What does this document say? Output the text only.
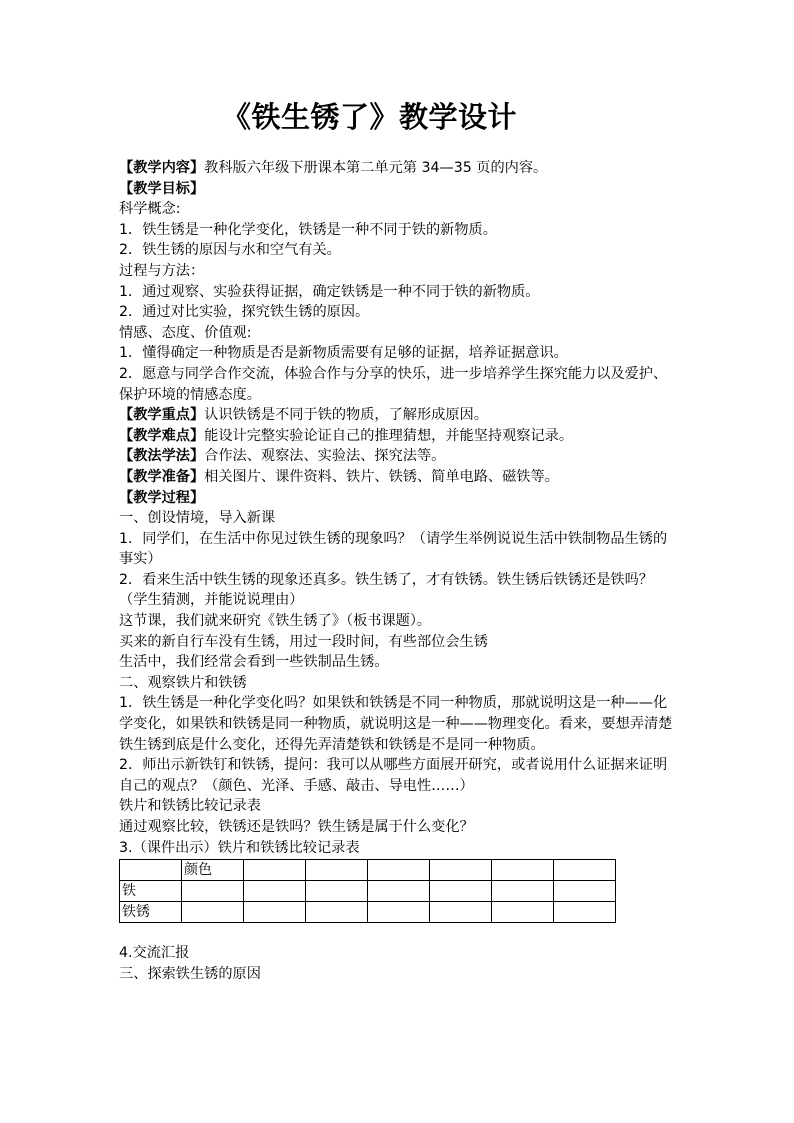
《铁生锈了》教学设计

【教学内容】教科版六年级下册课本第二单元第 34—35 页的内容。

【教学目标】

科学概念:

1．铁生锈是一种化学变化，铁锈是一种不同于铁的新物质。

2．铁生锈的原因与水和空气有关。

过程与方法：

1．通过观察、实验获得证据，确定铁锈是一种不同于铁的新物质。

2．通过对比实验，探究铁生锈的原因。

情感、态度、价值观:

1．懂得确定一种物质是否是新物质需要有足够的证据，培养证据意识。

2．愿意与同学合作交流，体验合作与分享的快乐，进一步培养学生探究能力以及爱护、保护环境的情感态度。

【教学重点】认识铁锈是不同于铁的物质，了解形成原因。

【教学难点】能设计完整实验论证自己的推理猜想，并能坚持观察记录。

【教法学法】合作法、观察法、实验法、探究法等。

【教学准备】相关图片、课件资料、铁片、铁锈、简单电路、磁铁等。

【教学过程】

一、创设情境，导入新课

1．同学们，在生活中你见过铁生锈的现象吗？（请学生举例说说生活中铁制物品生锈的事实）

2．看来生活中铁生锈的现象还真多。铁生锈了，才有铁锈。铁生锈后铁锈还是铁吗？（学生猜测，并能说说理由）

这节课，我们就来研究《铁生锈了》（板书课题）。

买来的新自行车没有生锈，用过一段时间，有些部位会生锈

生活中，我们经常会看到一些铁制品生锈。

二、观察铁片和铁锈

1．铁生锈是一种化学变化吗？如果铁和铁锈是不同一种物质，那就说明这是一种——化学变化，如果铁和铁锈是同一种物质，就说明这是一种——物理变化。看来，要想弄清楚铁生锈到底是什么变化，还得先弄清楚铁和铁锈是不是同一种物质。

2．师出示新铁钉和铁锈，提问：我可以从哪些方面展开研究，或者说用什么证据来证明自己的观点？（颜色、光泽、手感、敲击、导电性……）

铁片和铁锈比较记录表

通过观察比较，铁锈还是铁吗？铁生锈是属于什么变化？

3.（课件出示）铁片和铁锈比较记录表

	颜色						
铁							
铁锈							

4.交流汇报

三、探索铁生锈的原因
